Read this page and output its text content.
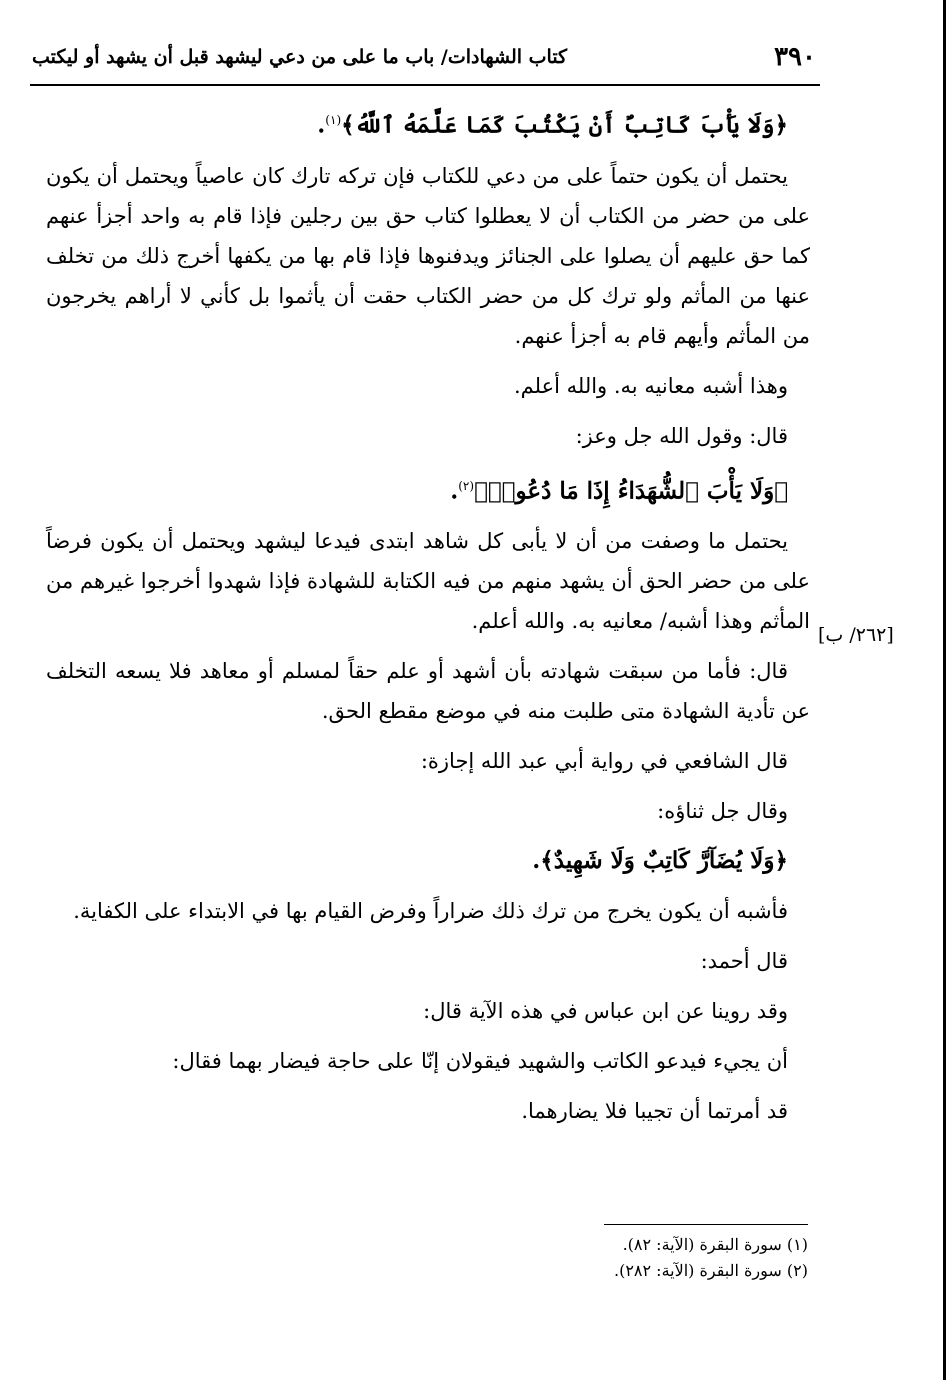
٣٩٠
كتاب الشهادات/ باب ما على من دعي ليشهد قبل أن يشهد أو ليكتب

﴿وَلَا يَأْبَ كَاتِبٌ أَنْ يَكْتُبَ كَمَا عَلَّمَهُ ٱللَّهُ﴾$^{(١)}$.

يحتمل أن يكون حتماً على من دعي للكتاب فإن تركه تارك كان عاصياً ويحتمل أن يكون على من حضر من الكتاب أن لا يعطلوا كتاب حق بين رجلين فإذا قام به واحد أجزأ عنهم كما حق عليهم أن يصلوا على الجنائز ويدفنوها فإذا قام بها من يكفها أخرج ذلك من تخلف عنها من المأثم ولو ترك كل من حضر الكتاب حقت أن يأثموا بل كأني لا أراهم يخرجون من المأثم وأيهم قام به أجزأ عنهم.

وهذا أشبه معانيه به. والله أعلم.

قال: وقول الله جل وعز:

﴿وَلَا يَأْبَ ٱلشُّهَدَاءُ إِذَا مَا دُعُوا۟﴾$^{(٢)}$.

يحتمل ما وصفت من أن لا يأبى كل شاهد ابتدى فيدعا ليشهد ويحتمل أن يكون فرضاً على من حضر الحق أن يشهد منهم من فيه الكتابة للشهادة فإذا شهدوا أخرجوا غيرهم من المأثم وهذا أشبه/ معانيه به. والله أعلم.

قال: فأما من سبقت شهادته بأن أشهد أو علم حقاً لمسلم أو معاهد فلا يسعه التخلف عن تأدية الشهادة متى طلبت منه في موضع مقطع الحق.

قال الشافعي في رواية أبي عبد الله إجازة:

وقال جل ثناؤه:

﴿وَلَا يُضَآرَّ كَاتِبٌ وَلَا شَهِيدٌ﴾.

فأشبه أن يكون يخرج من ترك ذلك ضراراً وفرض القيام بها في الابتداء على الكفاية.

قال أحمد:

وقد روينا عن ابن عباس في هذه الآية قال:

أن يجيء فيدعو الكاتب والشهيد فيقولان إنّا على حاجة فيضار بهما فقال:

قد أمرتما أن تجيبا فلا يضارهما.

[٢٦٢/ ب]
(١) سورة البقرة (الآية: ٨٢).
(٢) سورة البقرة (الآية: ٢٨٢).
